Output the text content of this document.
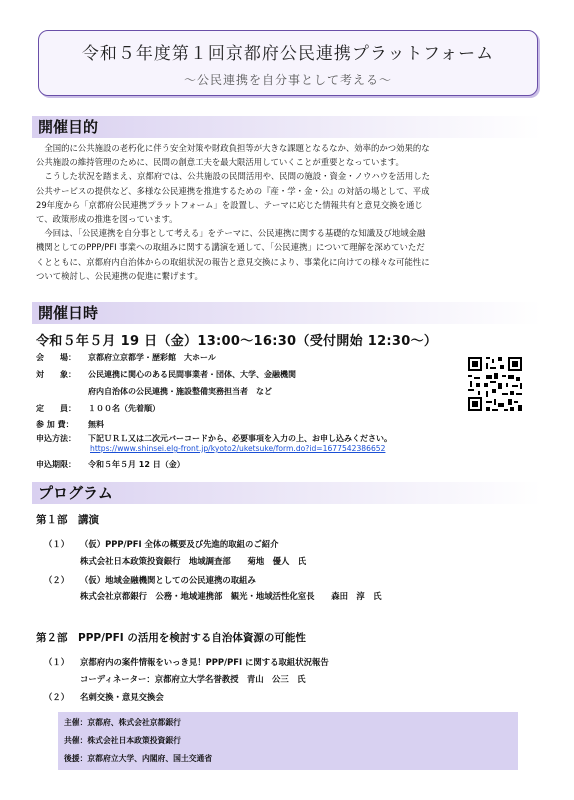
令和５年度第１回京都府公民連携プラットフォーム
～公民連携を自分事として考える～
開催目的
　全国的に公共施設の老朽化に伴う安全対策や財政負担等が大きな課題となるなか、効率的かつ効果的な
公共施設の維持管理のために、民間の創意工夫を最大限活用していくことが重要となっています。
　こうした状況を踏まえ、京都府では、公共施設の民間活用や、民間の施設・資金・ノウハウを活用した
公共サービスの提供など、多様な公民連携を推進するための『産・学・金・公』の対話の場として、平成
29年度から「京都府公民連携プラットフォーム」を設置し、テーマに応じた情報共有と意見交換を通じ
て、政策形成の推進を図っています。
　今回は、「公民連携を自分事として考える」をテーマに、公民連携に関する基礎的な知識及び地域金融
機関としてのPPP/PFI 事業への取組みに関する講演を通して、「公民連携」について理解を深めていただ
くとともに、京都府内自治体からの取組状況の報告と意見交換により、事業化に向けての様々な可能性に
ついて検討し、公民連携の促進に繋げます。
開催日時
令和５年５月 19 日（金）13:00～16:30（受付開始 12:30～）
会　　場： 京都府立京都学・歴彩館　大ホール
対　　象： 公民連携に関心のある民間事業者・団体、大学、金融機関
府内自治体の公民連携・施設整備実務担当者　など
定　　員： １００名（先着順）
参 加 費： 無料
申込方法： 下記ＵＲＬ又は二次元バーコードから、必要事項を入力の上、お申し込みください。
https://www.shinsei.elg-front.jp/kyoto2/uketsuke/form.do?id=1677542386652
申込期限： 令和５年５月 12 日（金）
プログラム
第１部　講演
（１） （仮）PPP/PFI 全体の概要及び先進的取組のご紹介
株式会社日本政策投資銀行　地域調査部　　菊地　優人　氏
（２） （仮）地域金融機関としての公民連携の取組み
株式会社京都銀行　公務・地域連携部　観光・地域活性化室長　　森田　淳　氏
第２部　PPP/PFI の活用を検討する自治体資源の可能性
（１） 京都府内の案件情報をいっき見！PPP/PFI に関する取組状況報告
コーディネーター：京都府立大学名誉教授　青山　公三　氏
（２） 名刺交換・意見交換会
主催：京都府、株式会社京都銀行
共催：株式会社日本政策投資銀行
後援：京都府立大学、内閣府、国土交通省
